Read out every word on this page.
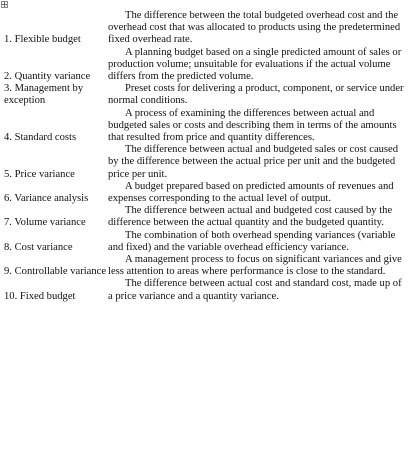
1. Flexible budget	The difference between the total budgeted overhead cost and the overhead cost that was allocated to products using the predetermined fixed overhead rate.
2. Quantity variance	A planning budget based on a single predicted amount of sales or production volume; unsuitable for evaluations if the actual volume differs from the predicted volume.
3. Management by exception	Preset costs for delivering a product, component, or service under normal conditions.
4. Standard costs	A process of examining the differences between actual and budgeted sales or costs and describing them in terms of the amounts that resulted from price and quantity differences.
5. Price variance	The difference between actual and budgeted sales or cost caused by the difference between the actual price per unit and the budgeted price per unit.
6. Variance analysis	A budget prepared based on predicted amounts of revenues and expenses corresponding to the actual level of output.
7. Volume variance	The difference between actual and budgeted cost caused by the difference between the actual quantity and the budgeted quantity.
8. Cost variance	The combination of both overhead spending variances (variable and fixed) and the variable overhead efficiency variance.
9. Controllable variance	A management process to focus on significant variances and give less attention to areas where performance is close to the standard.
10. Fixed budget	The difference between actual cost and standard cost, made up of a price variance and a quantity variance.
